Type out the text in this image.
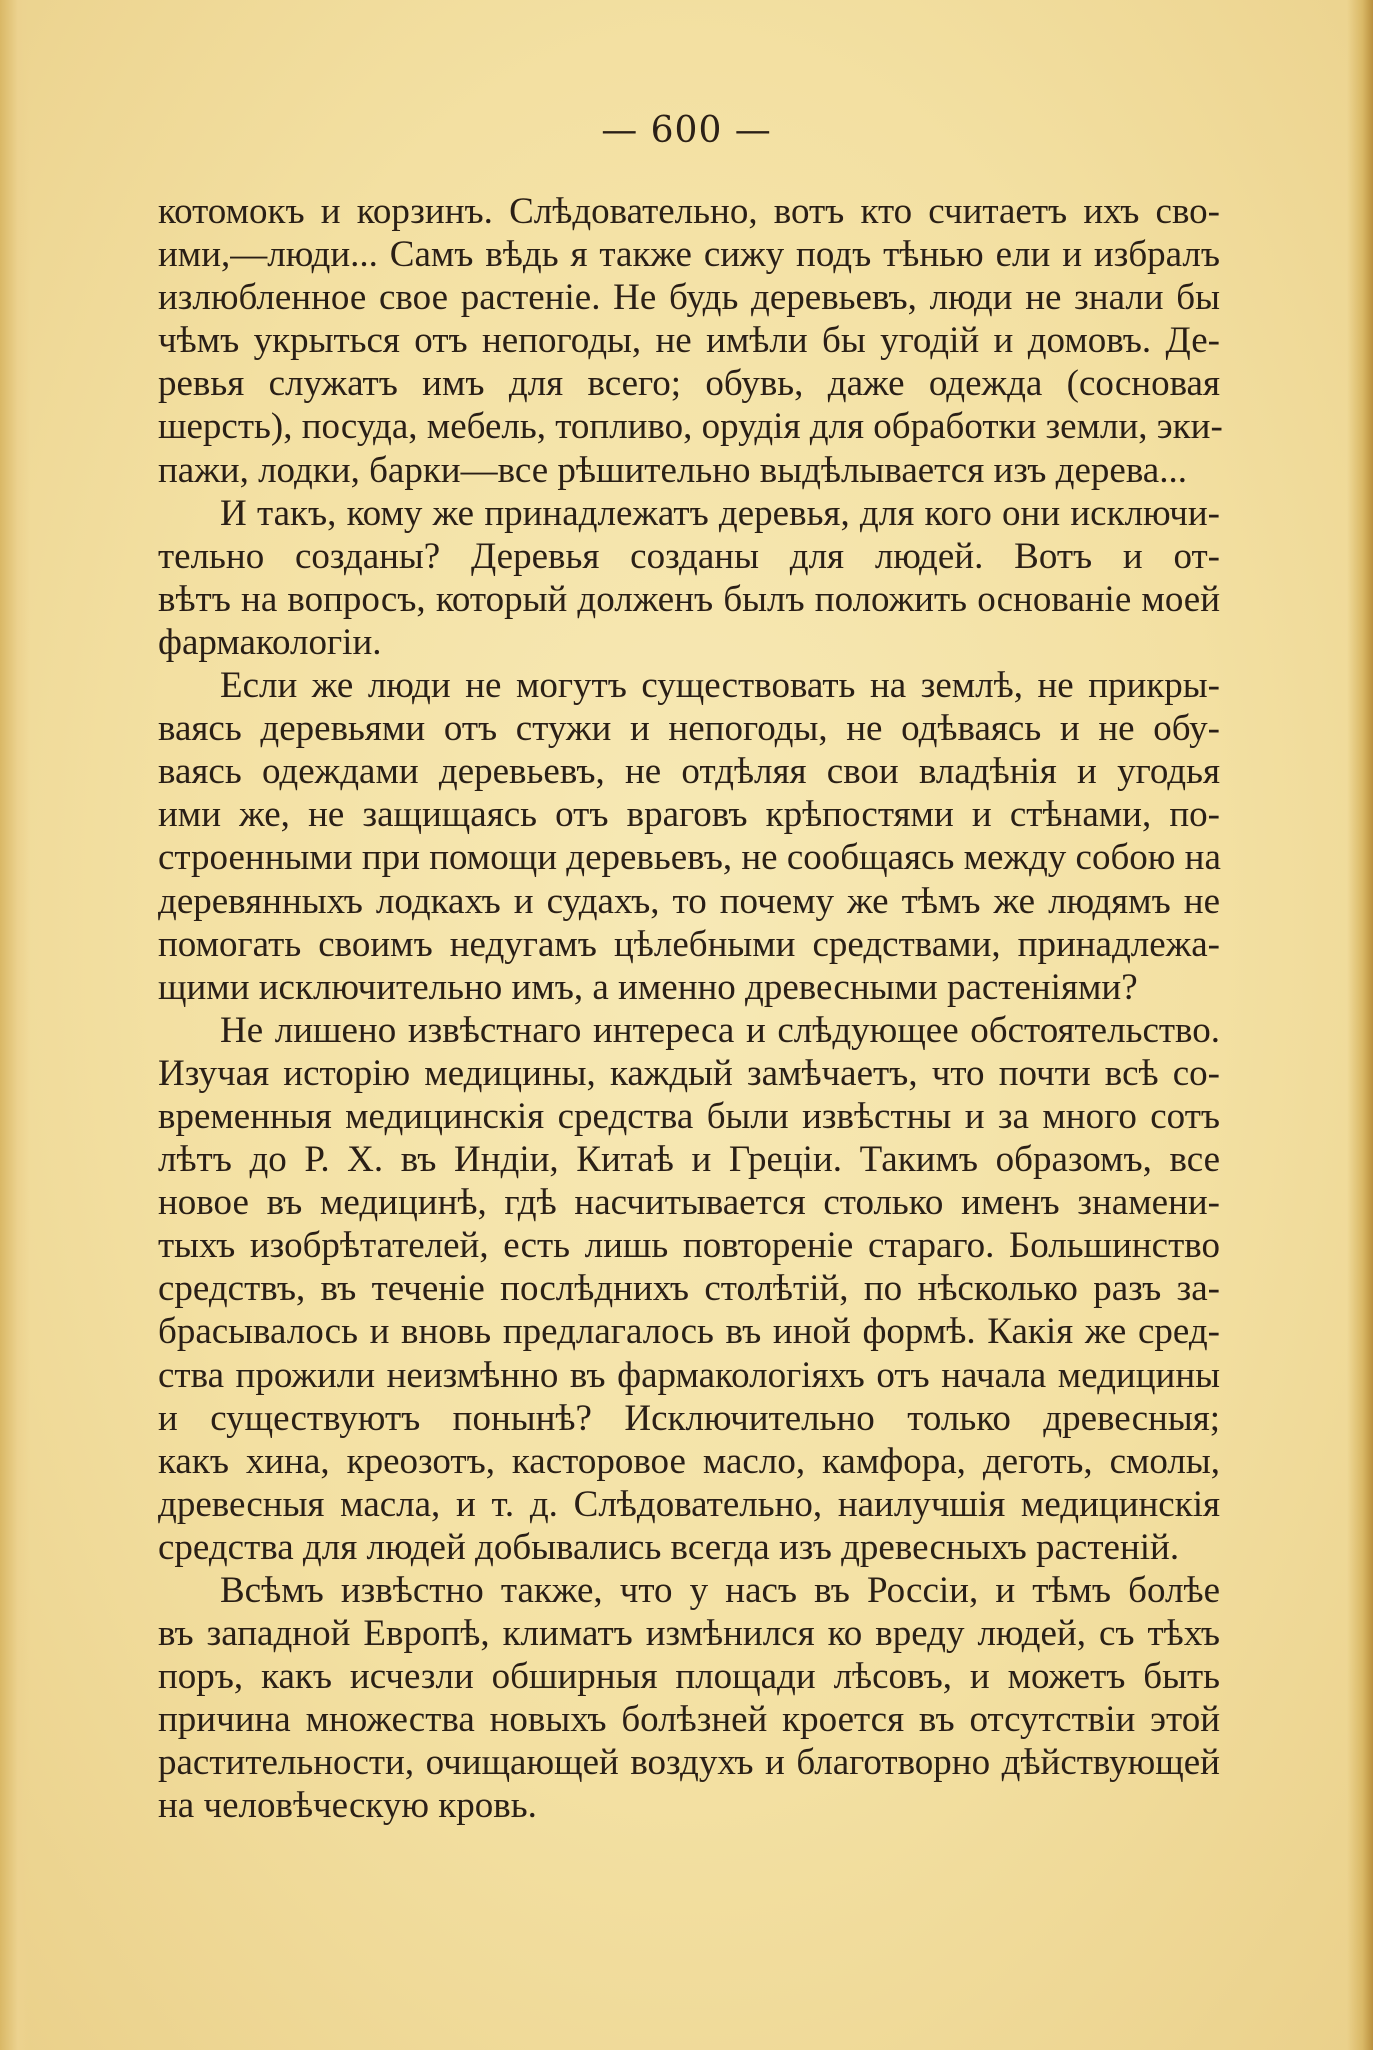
— 600 —
котомокъ и корзинъ. Слѣдовательно, вотъ кто считаетъ ихъ сво-
ими,—люди... Самъ вѣдь я также сижу подъ тѣнью ели и избралъ
излюбленное свое растеніе. Не будь деревьевъ, люди не знали бы
чѣмъ укрыться отъ непогоды, не имѣли бы угодій и домовъ. Де-
ревья служатъ имъ для всего; обувь, даже одежда (сосновая
шерсть), посуда, мебель, топливо, орудія для обработки земли, эки-
пажи, лодки, барки—все рѣшительно выдѣлывается изъ дерева...
И такъ, кому же принадлежатъ деревья, для кого они исключи-
тельно созданы? Деревья созданы для людей. Вотъ и от-
вѣтъ на вопросъ, который долженъ былъ положить основаніе моей
фармакологіи.
Если же люди не могутъ существовать на землѣ, не прикры-
ваясь деревьями отъ стужи и непогоды, не одѣваясь и не обу-
ваясь одеждами деревьевъ, не отдѣляя свои владѣнія и угодья
ими же, не защищаясь отъ враговъ крѣпостями и стѣнами, по-
строенными при помощи деревьевъ, не сообщаясь между собою на
деревянныхъ лодкахъ и судахъ, то почему же тѣмъ же людямъ не
помогать своимъ недугамъ цѣлебными средствами, принадлежа-
щими исключительно имъ, а именно древесными растеніями?
Не лишено извѣстнаго интереса и слѣдующее обстоятельство.
Изучая исторію медицины, каждый замѣчаетъ, что почти всѣ со-
временныя медицинскія средства были извѣстны и за много сотъ
лѣтъ до Р. Х. въ Индіи, Китаѣ и Греціи. Такимъ образомъ, все
новое въ медицинѣ, гдѣ насчитывается столько именъ знамени-
тыхъ изобрѣтателей, есть лишь повтореніе стараго. Большинство
средствъ, въ теченіе послѣднихъ столѣтій, по нѣсколько разъ за-
брасывалось и вновь предлагалось въ иной формѣ. Какія же сред-
ства прожили неизмѣнно въ фармакологіяхъ отъ начала медицины
и существуютъ понынѣ? Исключительно только древесныя;
какъ хина, креозотъ, касторовое масло, камфора, деготь, смолы,
древесныя масла, и т. д. Слѣдовательно, наилучшія медицинскія
средства для людей добывались всегда изъ древесныхъ растеній.
Всѣмъ извѣстно также, что у насъ въ Россіи, и тѣмъ болѣе
въ западной Европѣ, климатъ измѣнился ко вреду людей, съ тѣхъ
поръ, какъ исчезли обширныя площади лѣсовъ, и можетъ быть
причина множества новыхъ болѣзней кроется въ отсутствіи этой
растительности, очищающей воздухъ и благотворно дѣйствующей
на человѣческую кровь.
